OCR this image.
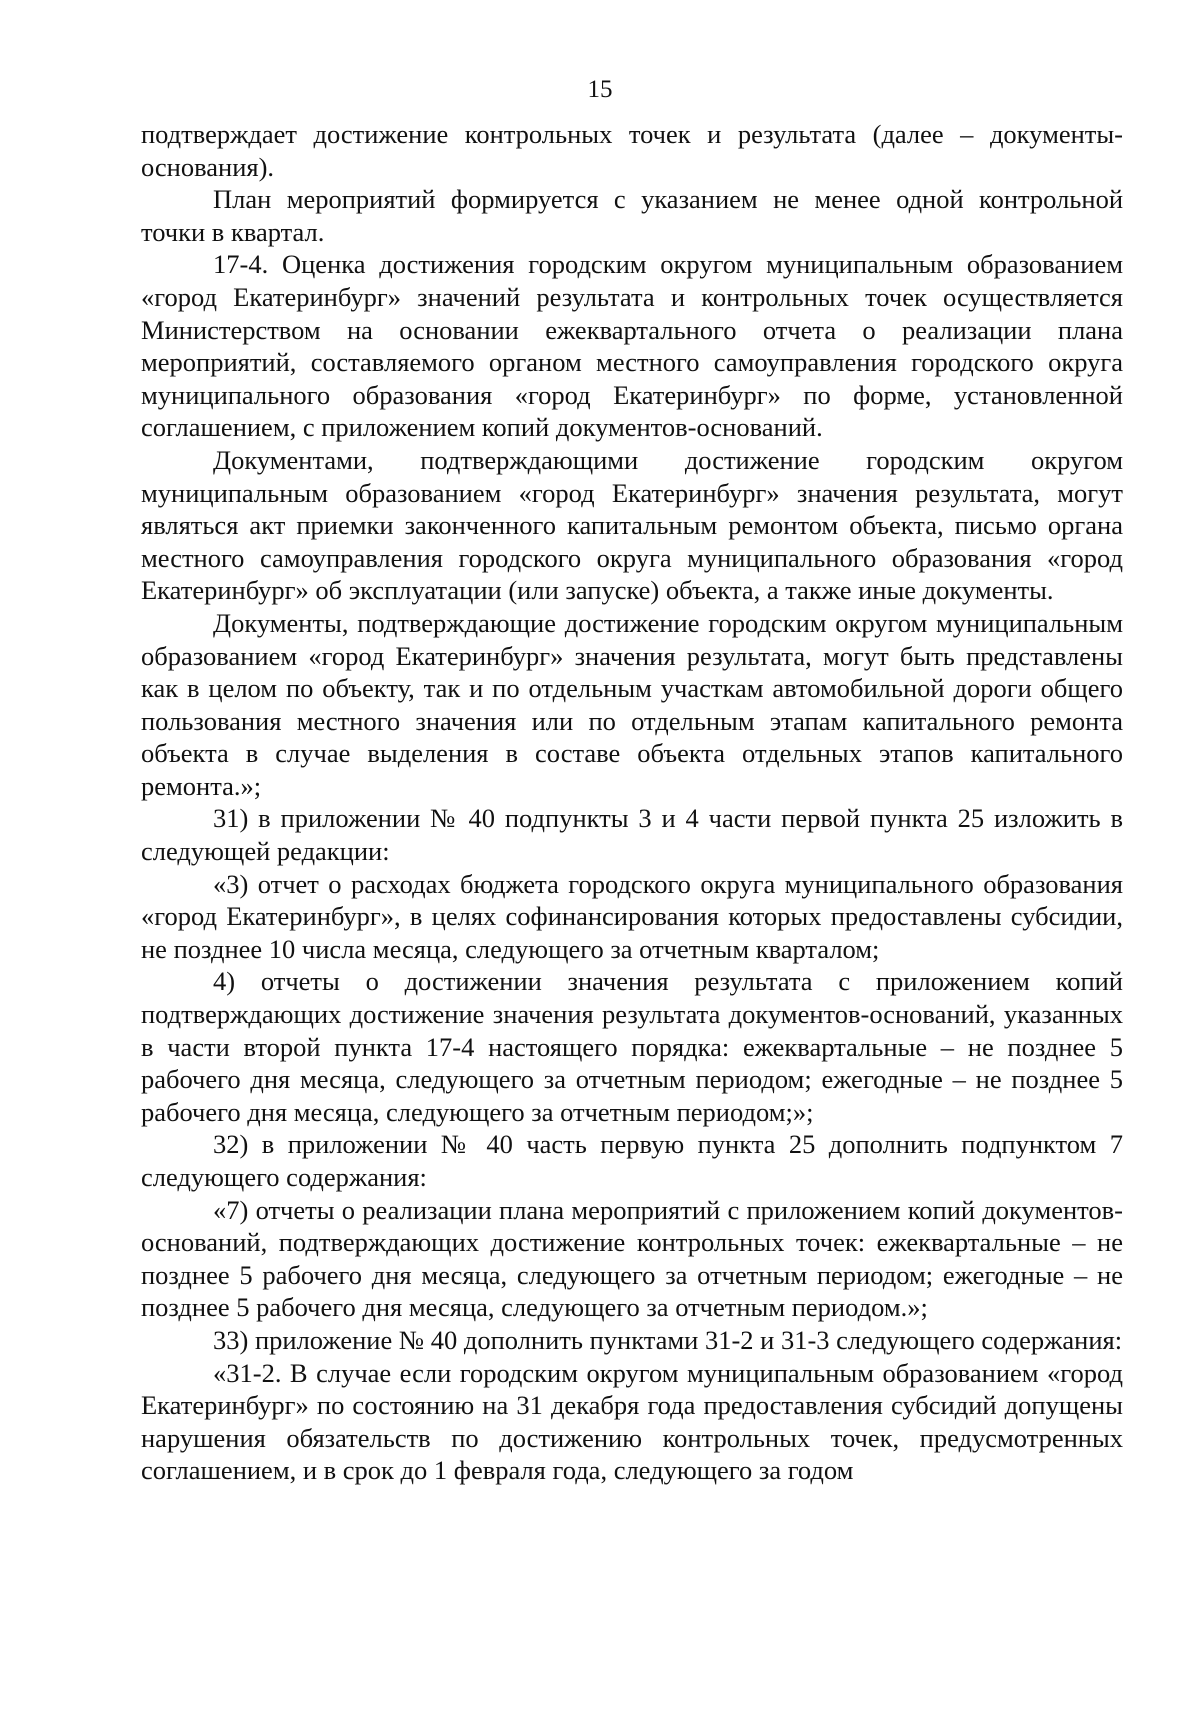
15

подтверждает достижение контрольных точек и результата (далее – документы-основания).

План мероприятий формируется с указанием не менее одной контрольной точки в квартал.

17-4. Оценка достижения городским округом муниципальным образованием «город Екатеринбург» значений результата и контрольных точек осуществляется Министерством на основании ежеквартального отчета о реализации плана мероприятий, составляемого органом местного самоуправления городского округа муниципального образования «город Екатеринбург» по форме, установленной соглашением, с приложением копий документов-оснований.

Документами, подтверждающими достижение городским округом муниципальным образованием «город Екатеринбург» значения результата, могут являться акт приемки законченного капитальным ремонтом объекта, письмо органа местного самоуправления городского округа муниципального образования «город Екатеринбург» об эксплуатации (или запуске) объекта, а также иные документы.

Документы, подтверждающие достижение городским округом муниципальным образованием «город Екатеринбург» значения результата, могут быть представлены как в целом по объекту, так и по отдельным участкам автомобильной дороги общего пользования местного значения или по отдельным этапам капитального ремонта объекта в случае выделения в составе объекта отдельных этапов капитального ремонта.»;

31) в приложении № 40 подпункты 3 и 4 части первой пункта 25 изложить в следующей редакции:

«3) отчет о расходах бюджета городского округа муниципального образования «город Екатеринбург», в целях софинансирования которых предоставлены субсидии, не позднее 10 числа месяца, следующего за отчетным кварталом;

4) отчеты о достижении значения результата с приложением копий подтверждающих достижение значения результата документов-оснований, указанных в части второй пункта 17-4 настоящего порядка: ежеквартальные – не позднее 5 рабочего дня месяца, следующего за отчетным периодом; ежегодные – не позднее 5 рабочего дня месяца, следующего за отчетным периодом;»;

32) в приложении № 40 часть первую пункта 25 дополнить подпунктом 7 следующего содержания:

«7) отчеты о реализации плана мероприятий с приложением копий документов-оснований, подтверждающих достижение контрольных точек: ежеквартальные – не позднее 5 рабочего дня месяца, следующего за отчетным периодом; ежегодные – не позднее 5 рабочего дня месяца, следующего за отчетным периодом.»;

33) приложение № 40 дополнить пунктами 31-2 и 31-3 следующего содержания:

«31-2. В случае если городским округом муниципальным образованием «город Екатеринбург» по состоянию на 31 декабря года предоставления субсидий допущены нарушения обязательств по достижению контрольных точек, предусмотренных соглашением, и в срок до 1 февраля года, следующего за годом
